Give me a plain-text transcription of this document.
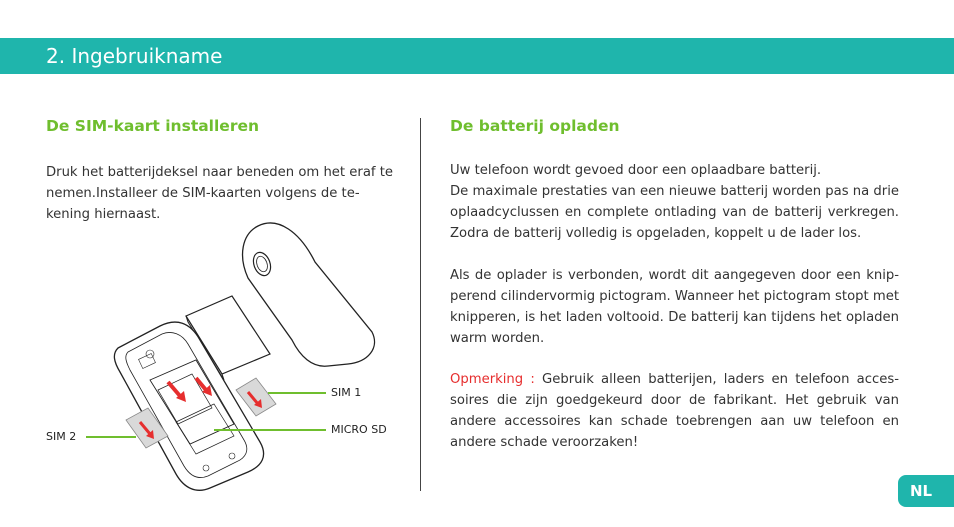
2. Ingebruikname
De SIM-kaart installeren

Druk het batterijdeksel naar beneden om het eraf te nemen.Installeer de SIM-kaarten volgens de te-kening hiernaast.

SIM 1
MICRO SD
SIM 2
De batterij opladen
Uw telefoon wordt gevoed door een oplaadbare batterij.
De maximale prestaties van een nieuwe batterij worden pas na drie oplaadcyclussen en complete ontlading van de batterij verkregen. Zodra de batterij volledig is opgeladen, koppelt u de lader los.

Als de oplader is verbonden, wordt dit aangegeven door een knip-perend cilindervormig pictogram. Wanneer het pictogram stopt met knipperen, is het laden voltooid. De batterij kan tijdens het opladen warm worden.

Opmerking : Gebruik alleen batterijen, laders en telefoon acces-soires die zijn goedgekeurd door de fabrikant. Het gebruik van andere accessoires kan schade toebrengen aan uw telefoon en andere schade veroorzaken!

NL
